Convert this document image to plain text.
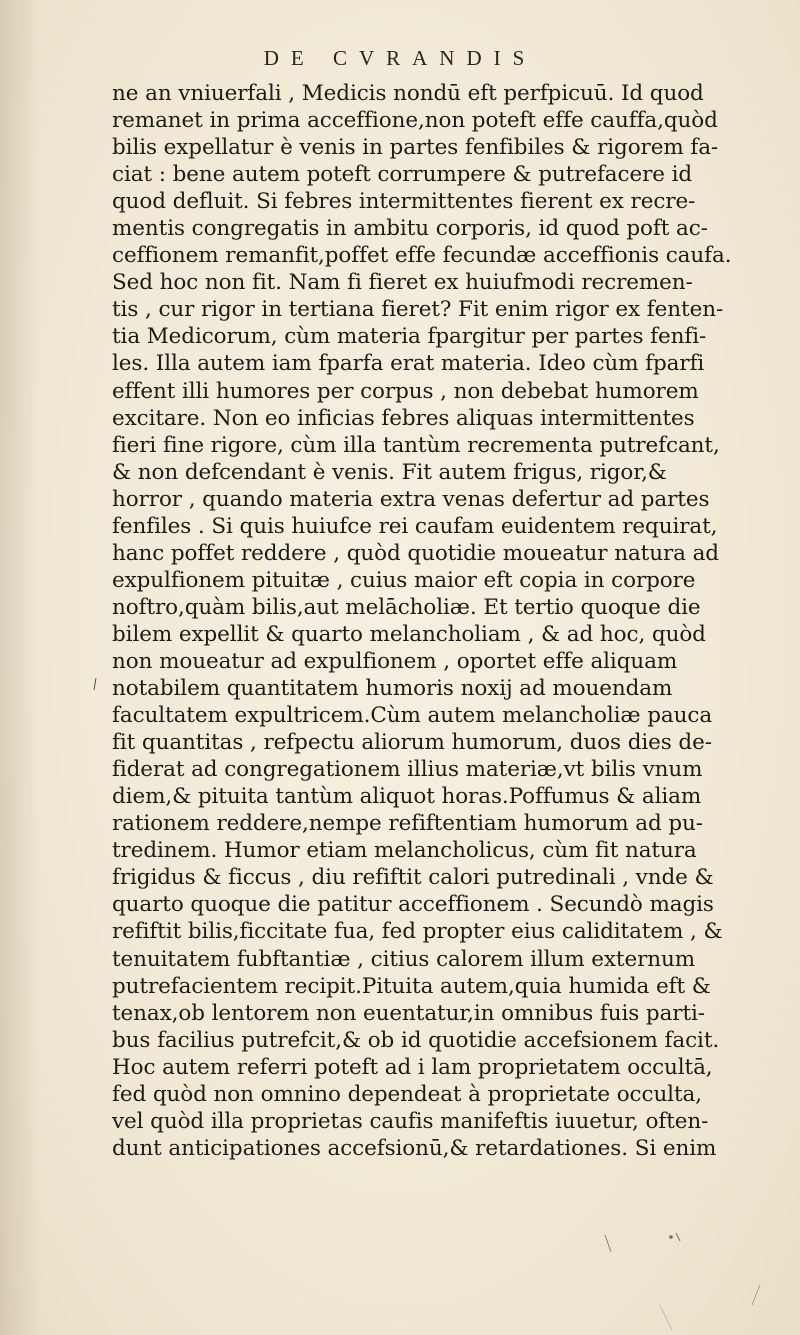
DE CVRANDIS
ne an vniuerfali , Medicis nondū eft perfpicuū. Id quod
remanet in prima acceffione,non poteft effe cauffa,quòd
bilis expellatur è venis in partes fenfibiles & rigorem fa-
ciat : bene autem poteft corrumpere & putrefacere id
quod defluit. Si febres intermittentes fierent ex recre-
mentis congregatis in ambitu corporis, id quod poft ac-
ceffionem remanfit,poffet effe fecundæ acceffionis caufa.
Sed hoc non fit. Nam fi fieret ex huiufmodi recremen-
tis , cur rigor in tertiana fieret? Fit enim rigor ex fenten-
tia Medicorum, cùm materia fpargitur per partes fenfi-
les. Illa autem iam fparfa erat materia. Ideo cùm fparfi
effent illi humores per corpus , non debebat humorem
excitare. Non eo inficias febres aliquas intermittentes
fieri fine rigore, cùm illa tantùm recrementa putrefcant,
& non defcendant è venis. Fit autem frigus, rigor,&
horror , quando materia extra venas defertur ad partes
fenfiles . Si quis huiufce rei caufam euidentem requirat,
hanc poffet reddere , quòd quotidie moueatur natura ad
expulfionem pituitæ , cuius maior eft copia in corpore
noftro,quàm bilis,aut melācholiæ. Et tertio quoque die
bilem expellit & quarto melancholiam , & ad hoc, quòd
non moueatur ad expulfionem , oportet effe aliquam
notabilem quantitatem humoris noxij ad mouendam
facultatem expultricem.Cùm autem melancholiæ pauca
fit quantitas , refpectu aliorum humorum, duos dies de-
fiderat ad congregationem illius materiæ,vt bilis vnum
diem,& pituita tantùm aliquot horas.Poffumus & aliam
rationem reddere,nempe refiftentiam humorum ad pu-
tredinem. Humor etiam melancholicus, cùm fit natura
frigidus & ficcus , diu refiftit calori putredinali , vnde &
quarto quoque die patitur acceffionem . Secundò magis
refiftit bilis,ficcitate fua, fed propter eius caliditatem , &
tenuitatem fubftantiæ , citius calorem illum externum
putrefacientem recipit.Pituita autem,quia humida eft &
tenax,ob lentorem non euentatur,in omnibus fuis parti-
bus facilius putrefcit,& ob id quotidie accefsionem facit.
Hoc autem referri poteft ad i lam proprietatem occultā,
fed quòd non omnino dependeat à proprietate occulta,
vel quòd illa proprietas caufis manifeftis iuuetur, often-
dunt anticipationes accefsionū,& retardationes. Si enim
